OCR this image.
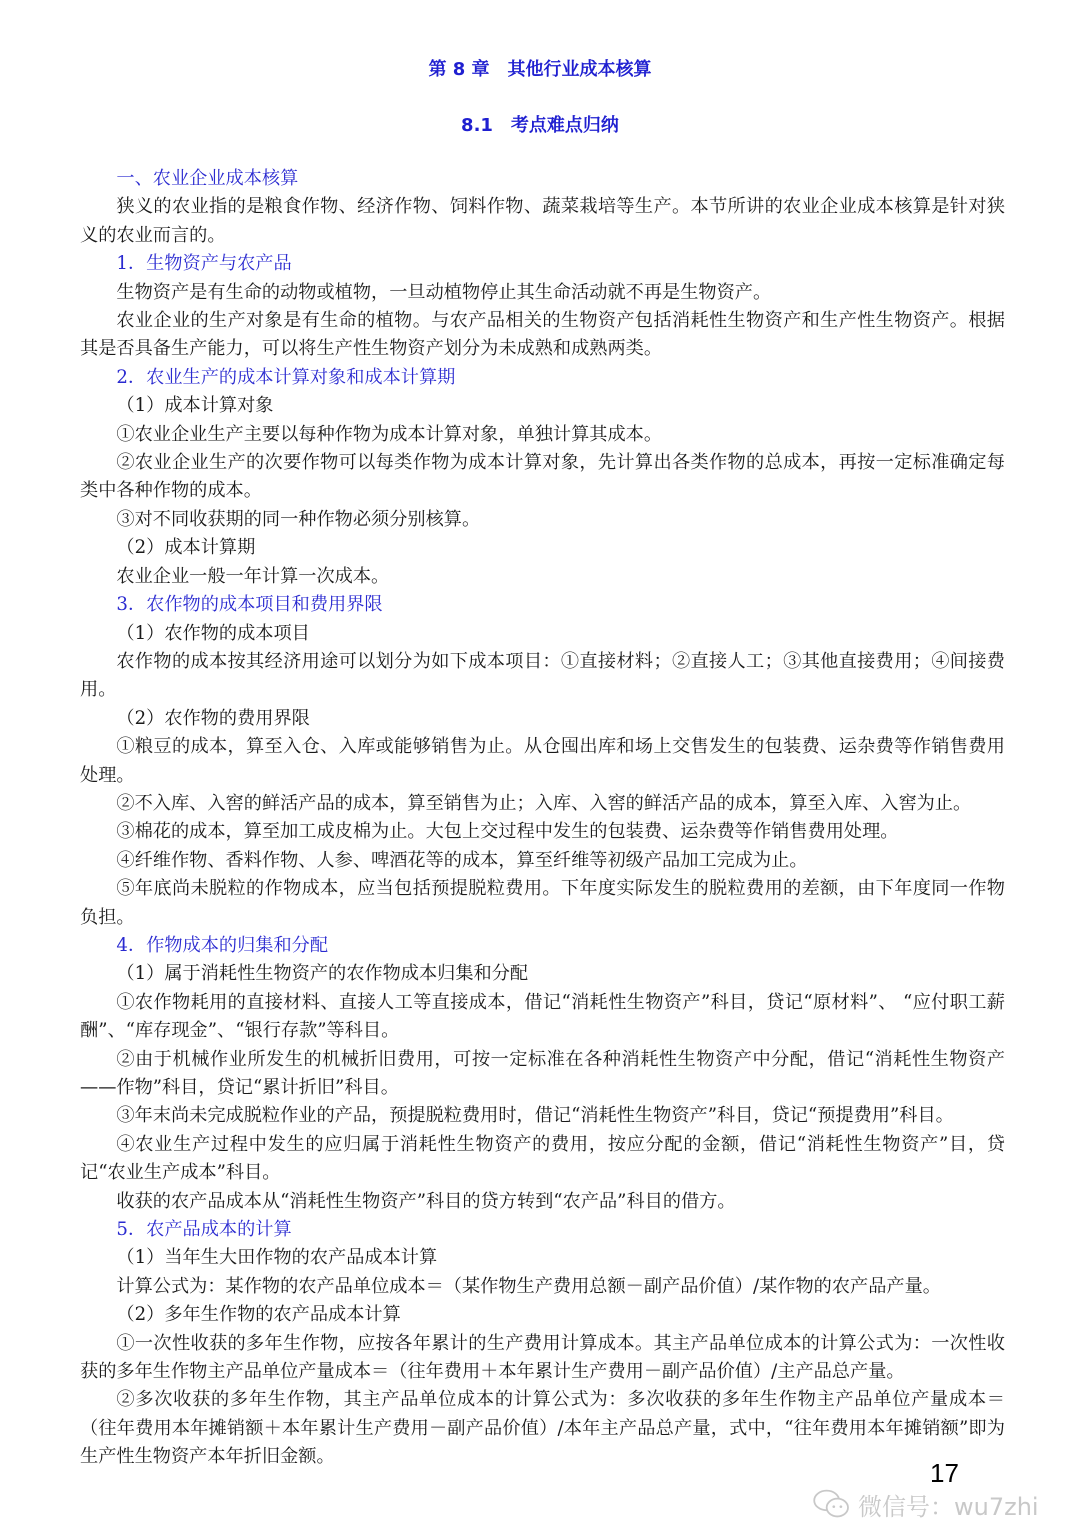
第 8 章　其他行业成本核算
8.1　考点难点归纳

一、农业企业成本核算

狭义的农业指的是粮食作物、经济作物、饲料作物、蔬菜栽培等生产。本节所讲的农业企业成本核算是针对狭义的农业而言的。

1．生物资产与农产品

生物资产是有生命的动物或植物，一旦动植物停止其生命活动就不再是生物资产。

农业企业的生产对象是有生命的植物。与农产品相关的生物资产包括消耗性生物资产和生产性生物资产。根据其是否具备生产能力，可以将生产性生物资产划分为未成熟和成熟两类。

2．农业生产的成本计算对象和成本计算期

（1）成本计算对象

①农业企业生产主要以每种作物为成本计算对象，单独计算其成本。

②农业企业生产的次要作物可以每类作物为成本计算对象，先计算出各类作物的总成本，再按一定标准确定每类中各种作物的成本。

③对不同收获期的同一种作物必须分别核算。

（2）成本计算期

农业企业一般一年计算一次成本。

3．农作物的成本项目和费用界限

（1）农作物的成本项目

农作物的成本按其经济用途可以划分为如下成本项目：①直接材料；②直接人工；③其他直接费用；④间接费用。

（2）农作物的费用界限

①粮豆的成本，算至入仓、入库或能够销售为止。从仓囤出库和场上交售发生的包装费、运杂费等作销售费用处理。

②不入库、入窖的鲜活产品的成本，算至销售为止；入库、入窖的鲜活产品的成本，算至入库、入窖为止。

③棉花的成本，算至加工成皮棉为止。大包上交过程中发生的包装费、运杂费等作销售费用处理。

④纤维作物、香料作物、人参、啤酒花等的成本，算至纤维等初级产品加工完成为止。

⑤年底尚未脱粒的作物成本，应当包括预提脱粒费用。下年度实际发生的脱粒费用的差额，由下年度同一作物负担。

4．作物成本的归集和分配

（1）属于消耗性生物资产的农作物成本归集和分配

①农作物耗用的直接材料、直接人工等直接成本，借记“消耗性生物资产”科目，贷记“原材料”、 “应付职工薪酬”、“库存现金”、“银行存款”等科目。

②由于机械作业所发生的机械折旧费用，可按一定标准在各种消耗性生物资产中分配，借记“消耗性生物资产——作物”科目，贷记“累计折旧”科目。

③年末尚未完成脱粒作业的产品，预提脱粒费用时，借记“消耗性生物资产”科目，贷记“预提费用”科目。

④农业生产过程中发生的应归属于消耗性生物资产的费用，按应分配的金额，借记“消耗性生物资产”目，贷记“农业生产成本”科目。

收获的农产品成本从“消耗性生物资产”科目的贷方转到“农产品”科目的借方。

5．农产品成本的计算

（1）当年生大田作物的农产品成本计算

计算公式为：某作物的农产品单位成本＝（某作物生产费用总额－副产品价值）/某作物的农产品产量。

（2）多年生作物的农产品成本计算

①一次性收获的多年生作物，应按各年累计的生产费用计算成本。其主产品单位成本的计算公式为：一次性收获的多年生作物主产品单位产量成本＝（往年费用＋本年累计生产费用－副产品价值）/主产品总产量。

②多次收获的多年生作物，其主产品单位成本的计算公式为：多次收获的多年生作物主产品单位产量成本＝（往年费用本年摊销额＋本年累计生产费用－副产品价值）/本年主产品总产量，式中，“往年费用本年摊销额”即为生产性生物资产本年折旧金额。

17
微信号：wu7zhi
